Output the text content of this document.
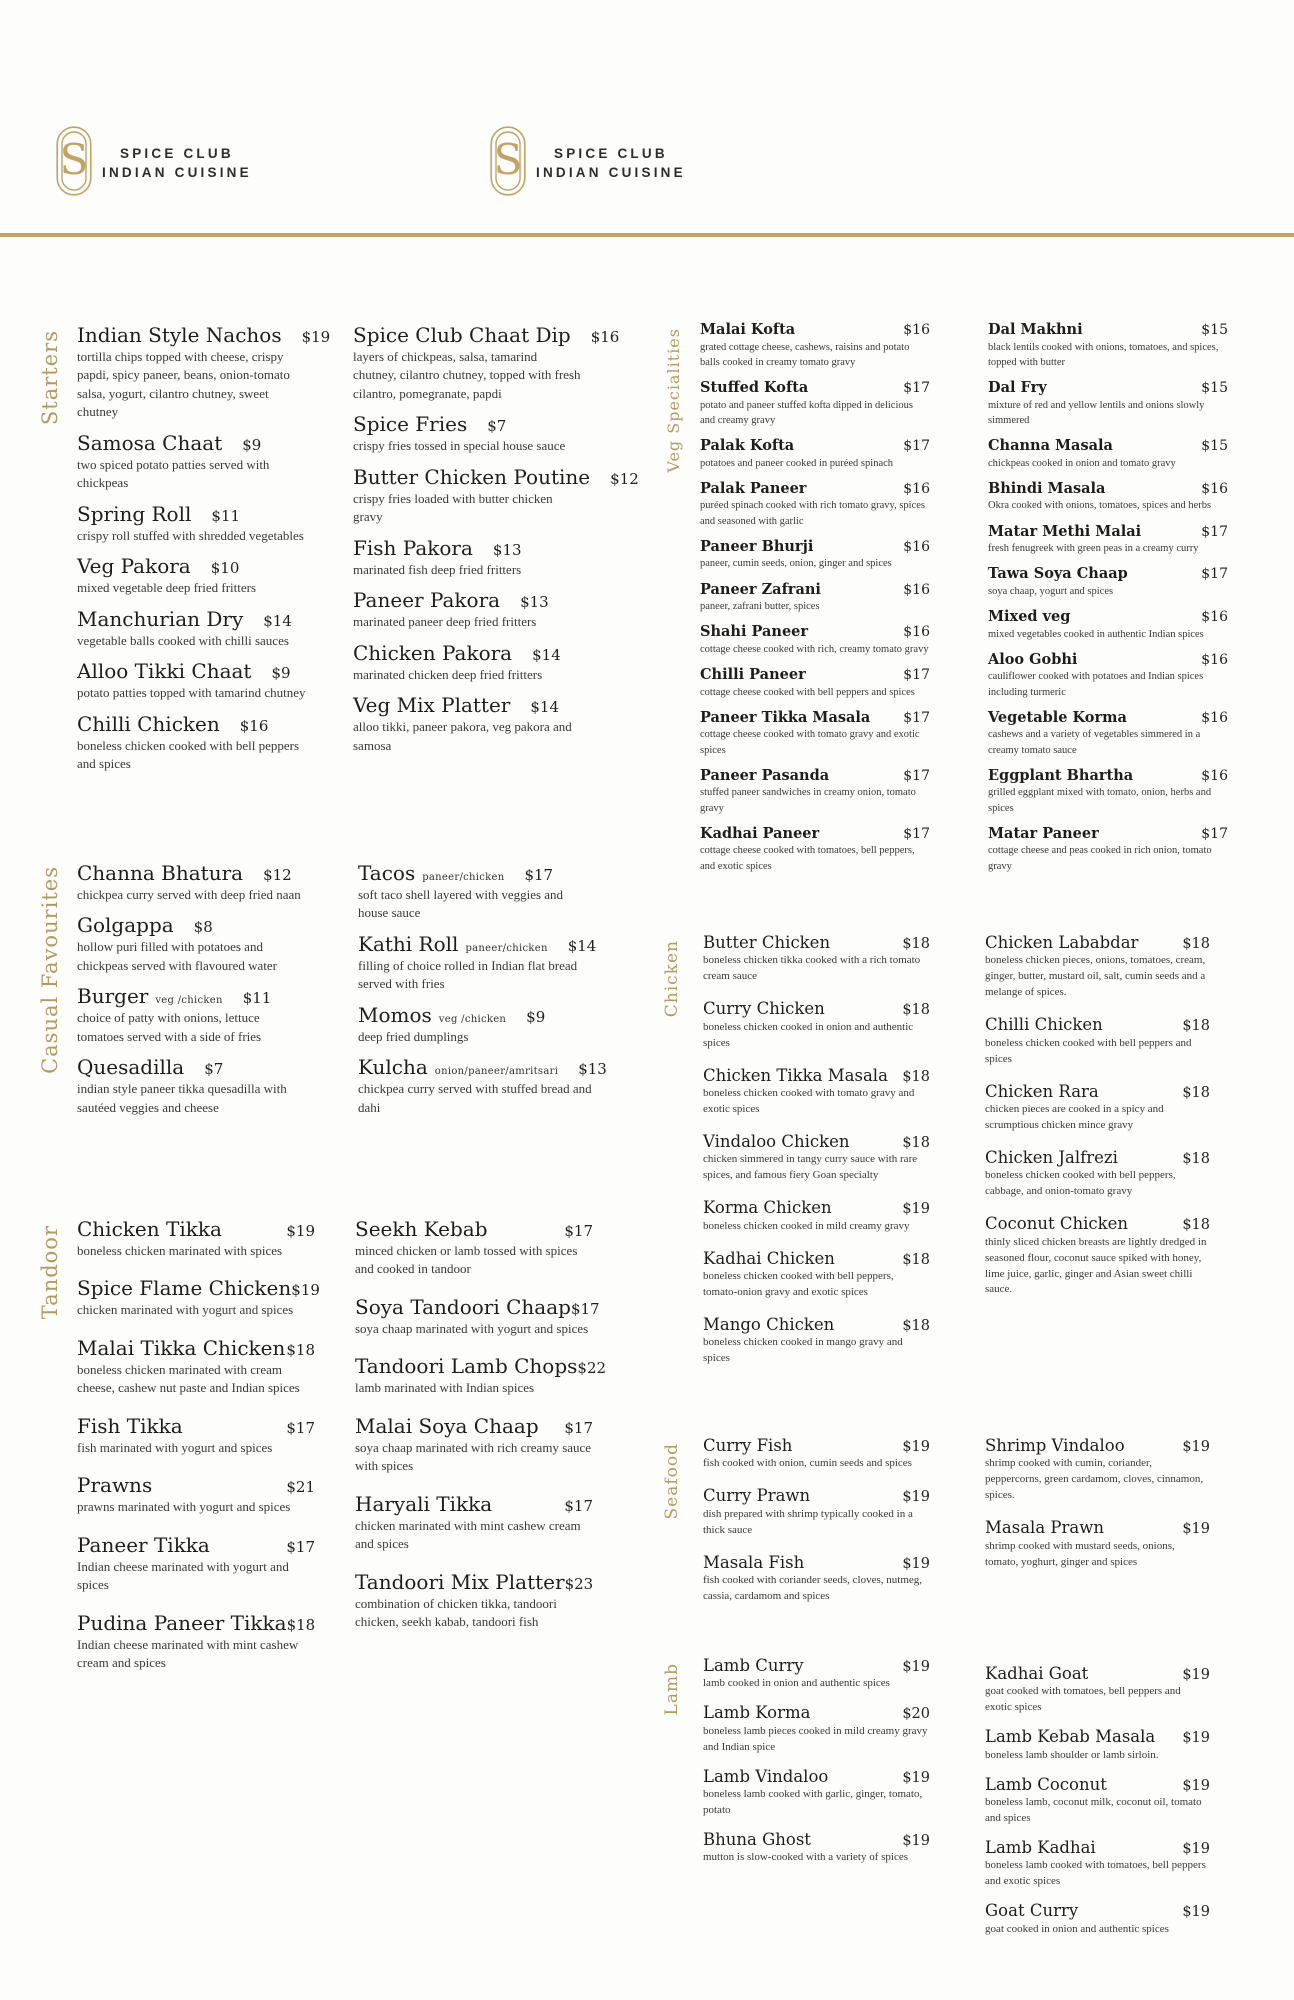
S SPICE CLUB
INDIAN CUISINE	S SPICE CLUB
INDIAN CUISINE
Starters Indian Style Nachos $19
tortilla chips topped with cheese, crispy papdi, spicy paneer, beans, onion-tomato salsa, yogurt, cilantro chutney, sweet chutney
Samosa Chaat $9
two spiced potato patties served with chickpeas
Spring Roll $11
crispy roll stuffed with shredded vegetables
Veg Pakora $10
mixed vegetable deep fried fritters
Manchurian Dry $14
vegetable balls cooked with chilli sauces
Alloo Tikki Chaat $9
potato patties topped with tamarind chutney
Chilli Chicken $16
boneless chicken cooked with bell peppers and spices
Spice Club Chaat Dip $16
layers of chickpeas, salsa, tamarind chutney, cilantro chutney, topped with fresh cilantro, pomegranate, papdi
Spice Fries $7
crispy fries tossed in special house sauce
Butter Chicken Poutine $12
crispy fries loaded with butter chicken gravy
Fish Pakora $13
marinated fish deep fried fritters
Paneer Pakora $13
marinated paneer deep fried fritters
Chicken Pakora $14
marinated chicken deep fried fritters
Veg Mix Platter $14
alloo tikki, paneer pakora, veg pakora and samosa
Casual Favourites Channa Bhatura $12
chickpea curry served with deep fried naan
Golgappa $8
hollow puri filled with potatoes and chickpeas served with flavoured water
Burger veg /chicken $11
choice of patty with onions, lettuce tomatoes served with a side of fries
Quesadilla $7
indian style paneer tikka quesadilla with sautéed veggies and cheese
Tacos paneer/chicken $17
soft taco shell layered with veggies and house sauce
Kathi Roll paneer/chicken $14
filling of choice rolled in Indian flat bread served with fries
Momos veg /chicken $9
deep fried dumplings
Kulcha onion/paneer/amritsari $13
chickpea curry served with stuffed bread and dahi
Tandoor Chicken Tikka	$19
boneless chicken marinated with spices
Spice Flame Chicken $19
chicken marinated with yogurt and spices
Malai Tikka Chicken $18
boneless chicken marinated with cream cheese, cashew nut paste and Indian spices
Fish Tikka	$17
fish marinated with yogurt and spices
Prawns	$21
prawns marinated with yogurt and spices
Paneer Tikka	$17
Indian cheese marinated with yogurt and spices
Pudina Paneer Tikka $18
Indian cheese marinated with mint cashew cream and spices
Seekh Kebab	$17
minced chicken or lamb tossed with spices and cooked in tandoor
Soya Tandoori Chaap $17
soya chaap marinated with yogurt and spices
Tandoori Lamb Chops $22
lamb marinated with Indian spices
Malai Soya Chaap $17
soya chaap marinated with rich creamy sauce with spices
Haryali Tikka	$17
chicken marinated with mint cashew cream and spices
Tandoori Mix Platter $23
combination of chicken tikka, tandoori chicken, seekh kabab, tandoori fish
Veg Specialities Malai Kofta	$16
grated cottage cheese, cashews, raisins and potato balls cooked in creamy tomato gravy
Stuffed Kofta	$17
potato and paneer stuffed kofta dipped in delicious and creamy gravy
Palak Kofta	$17
potatoes and paneer cooked in puréed spinach
Palak Paneer	$16
puréed spinach cooked with rich tomato gravy, spices and seasoned with garlic
Paneer Bhurji	$16
paneer, cumin seeds, onion, ginger and spices
Paneer Zafrani	$16
paneer, zafrani butter, spices
Shahi Paneer	$16
cottage cheese cooked with rich, creamy tomato gravy
Chilli Paneer	$17
cottage cheese cooked with bell peppers and spices
Paneer Tikka Masala $17
cottage cheese cooked with tomato gravy and exotic spices
Paneer Pasanda	$17
stuffed paneer sandwiches in creamy onion, tomato gravy
Kadhai Paneer	$17
cottage cheese cooked with tomatoes, bell peppers, and exotic spices
Dal Makhni	$15
black lentils cooked with onions, tomatoes, and spices, topped with butter
Dal Fry	$15
mixture of red and yellow lentils and onions slowly simmered
Channa Masala	$15
chickpeas cooked in onion and tomato gravy
Bhindi Masala	$16
Okra cooked with onions, tomatoes, spices and herbs
Matar Methi Malai	$17
fresh fenugreek with green peas in a creamy curry
Tawa Soya Chaap	$17
soya chaap, yogurt and spices
Mixed veg	$16
mixed vegetables cooked in authentic Indian spices
Aloo Gobhi	$16
cauliflower cooked with potatoes and Indian spices including turmeric
Vegetable Korma	$16
cashews and a variety of vegetables simmered in a creamy tomato sauce
Eggplant Bhartha	$16
grilled eggplant mixed with tomato, onion, herbs and spices
Matar Paneer	$17
cottage cheese and peas cooked in rich onion, tomato gravy
Chicken Butter Chicken	$18
boneless chicken tikka cooked with a rich tomato cream sauce
Curry Chicken	$18
boneless chicken cooked in onion and authentic spices
Chicken Tikka Masala $18
boneless chicken cooked with tomato gravy and exotic spices
Vindaloo Chicken	$18
chicken simmered in tangy curry sauce with rare spices, and famous fiery Goan specialty
Korma Chicken	$19
boneless chicken cooked in mild creamy gravy
Kadhai Chicken	$18
boneless chicken cooked with bell peppers, tomato-onion gravy and exotic spices
Mango Chicken	$18
boneless chicken cooked in mango gravy and spices
Chicken Lababdar	$18
boneless chicken pieces, onions, tomatoes, cream, ginger, butter, mustard oil, salt, cumin seeds and a melange of spices.
Chilli Chicken	$18
boneless chicken cooked with bell peppers and spices
Chicken Rara	$18
chicken pieces are cooked in a spicy and scrumptious chicken mince gravy
Chicken Jalfrezi	$18
boneless chicken cooked with bell peppers, cabbage, and onion-tomato gravy
Coconut Chicken	$18
thinly sliced chicken breasts are lightly dredged in seasoned flour, coconut sauce spiked with honey, lime juice, garlic, ginger and Asian sweet chilli sauce.
Seafood Curry Fish	$19
fish cooked with onion, cumin seeds and spices
Curry Prawn	$19
dish prepared with shrimp typically cooked in a thick sauce
Masala Fish	$19
fish cooked with coriander seeds, cloves, nutmeg, cassia, cardamom and spices
Shrimp Vindaloo	$19
shrimp cooked with cumin, coriander, peppercorns, green cardamom, cloves, cinnamon, spices.
Masala Prawn	$19
shrimp cooked with mustard seeds, onions, tomato, yoghurt, ginger and spices
Lamb Lamb Curry	$19
lamb cooked in onion and authentic spices
Lamb Korma	$20
boneless lamb pieces cooked in mild creamy gravy and Indian spice
Lamb Vindaloo	$19
boneless lamb cooked with garlic, ginger, tomato, potato
Bhuna Ghost	$19
mutton is slow-cooked with a variety of spices
Kadhai Goat	$19
goat cooked with tomatoes, bell peppers and exotic spices
Lamb Kebab Masala $19
boneless lamb shoulder or lamb sirloin.
Lamb Coconut	$19
boneless lamb, coconut milk, coconut oil, tomato and spices
Lamb Kadhai	$19
boneless lamb cooked with tomatoes, bell peppers and exotic spices
Goat Curry	$19
goat cooked in onion and authentic spices
